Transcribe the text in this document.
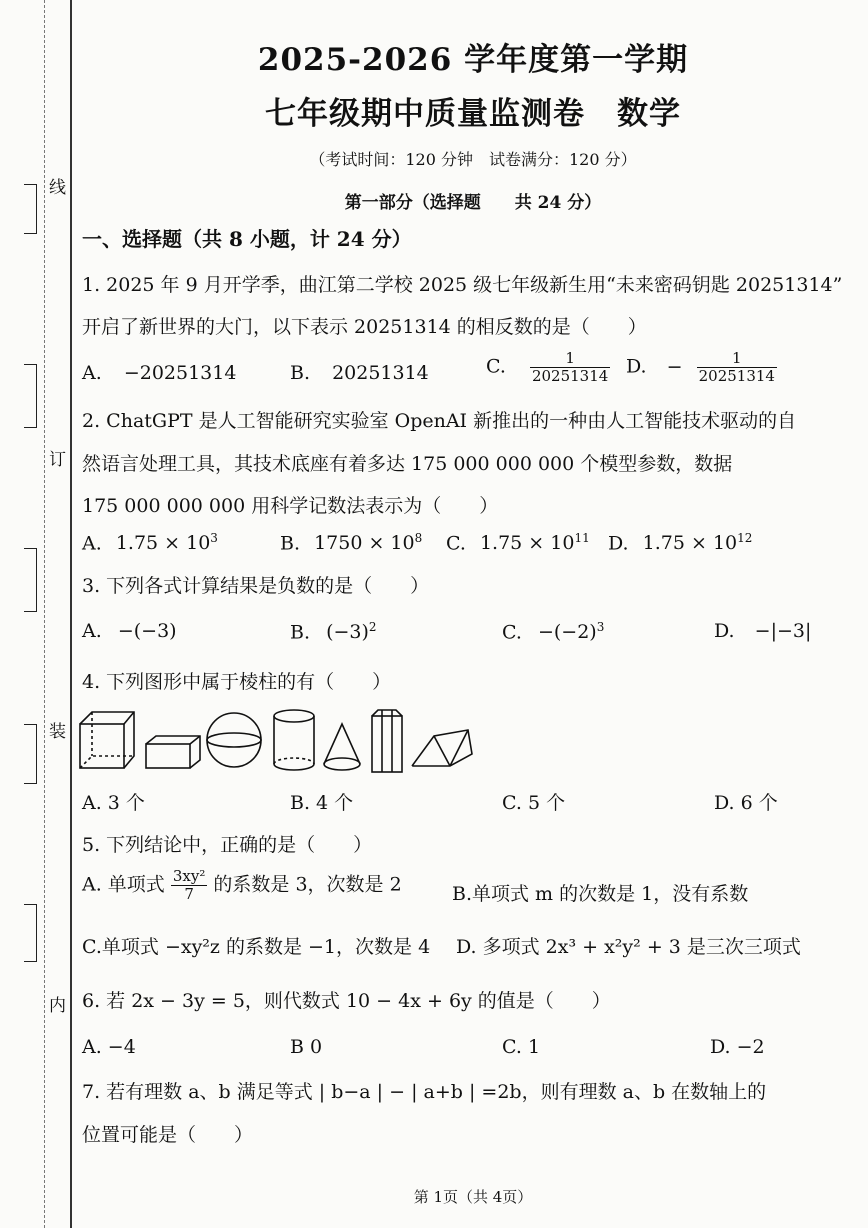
线
订
装
内
2025-2026 学年度第一学期
七年级期中质量监测卷　数学
（考试时间：120 分钟　试卷满分：120 分）
第一部分（选择题　　共 24 分）
一、选择题（共 8 小题，计 24 分）
1. 2025 年 9 月开学季，曲江第二学校 2025 级七年级新生用“未来密码钥匙 20251314”
开启了新世界的大门，以下表示 20251314 的相反数的是（　　）
A. −20251314	B. 20251314	C. $\frac{1}{20251314} D$. − $\frac{1}{20251314}$
2. ChatGPT 是人工智能研究实验室 OpenAI 新推出的一种由人工智能技术驱动的自
然语言处理工具，其技术底座有着多达 175 000 000 000 个模型参数，数据
175 000 000 000 用科学记数法表示为（　　）
A. $1.75 \times 10^3$	B. $1750 \times 10^8$ C. $1.75 \times 10^{11}$ D. $1.75 \times 10^{12}$
3. 下列各式计算结果是负数的是（　　）
A. −(−3)	B. $(-3)^2$	C. $-(-2)^3$	D. −|−3|
4. 下列图形中属于棱柱的有（　　）
A. 3 个	B. 4 个	C. 5 个	D. 6 个
5. 下列结论中，正确的是（　　）
A. 单项式 $\frac{\text{3xy²}}{7}$ 的系数是 3，次数是 2	B.单项式 m 的次数是 1，没有系数
C.单项式 −xy²z 的系数是 −1，次数是 4 D. 多项式 2x³ + x²y² + 3 是三次三项式
6. 若 2x − 3y = 5，则代数式 10 − 4x + 6y 的值是（　　）
A. −4	B 0	C. 1	D. −2
7. 若有理数 a、b 满足等式 | b−a | − | a+b | =2b，则有理数 a、b 在数轴上的
位置可能是（　　）
第 1页（共 4页）
